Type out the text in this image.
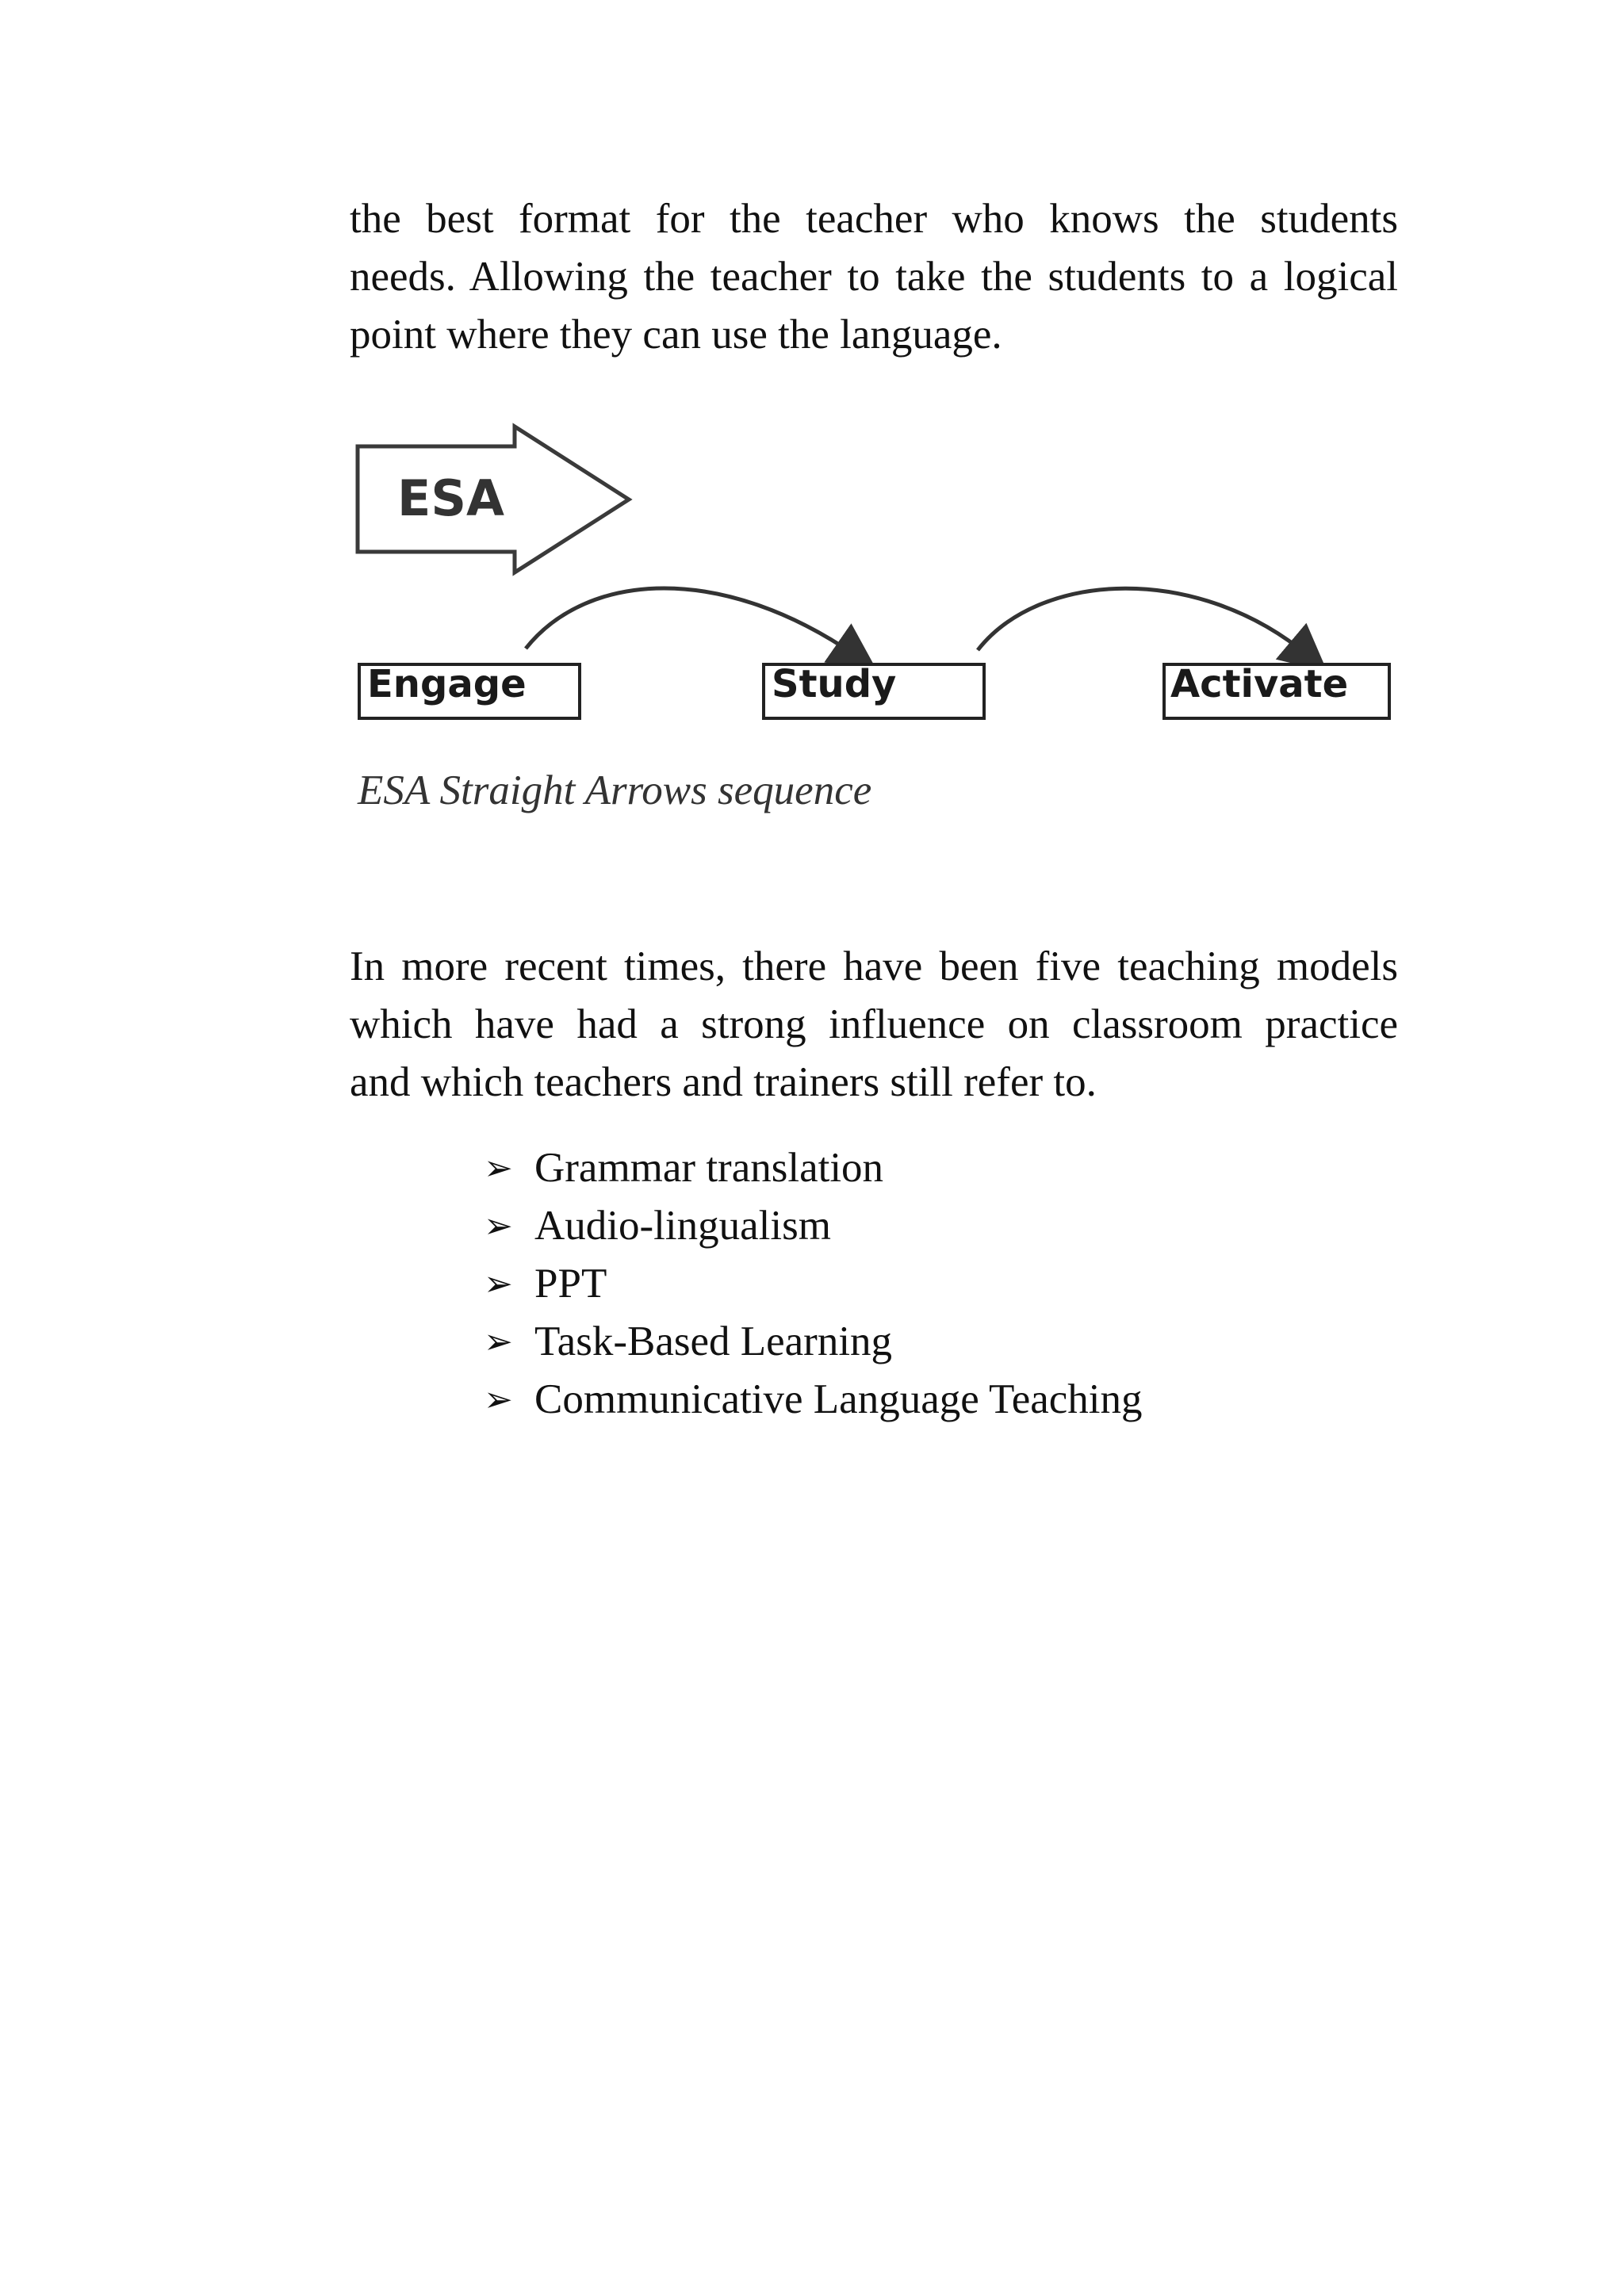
the best format for the teacher who knows the students
needs. Allowing the teacher to take the students to a logical
point where they can use the language.

ESA
Engage	Study	Activate
ESA Straight Arrows sequence

In more recent times, there have been five teaching models
which have had a strong influence on classroom practice
and which teachers and trainers still refer to.

➢ Grammar translation
➢ Audio-lingualism
➢ PPT
➢ Task-Based Learning
➢ Communicative Language Teaching
